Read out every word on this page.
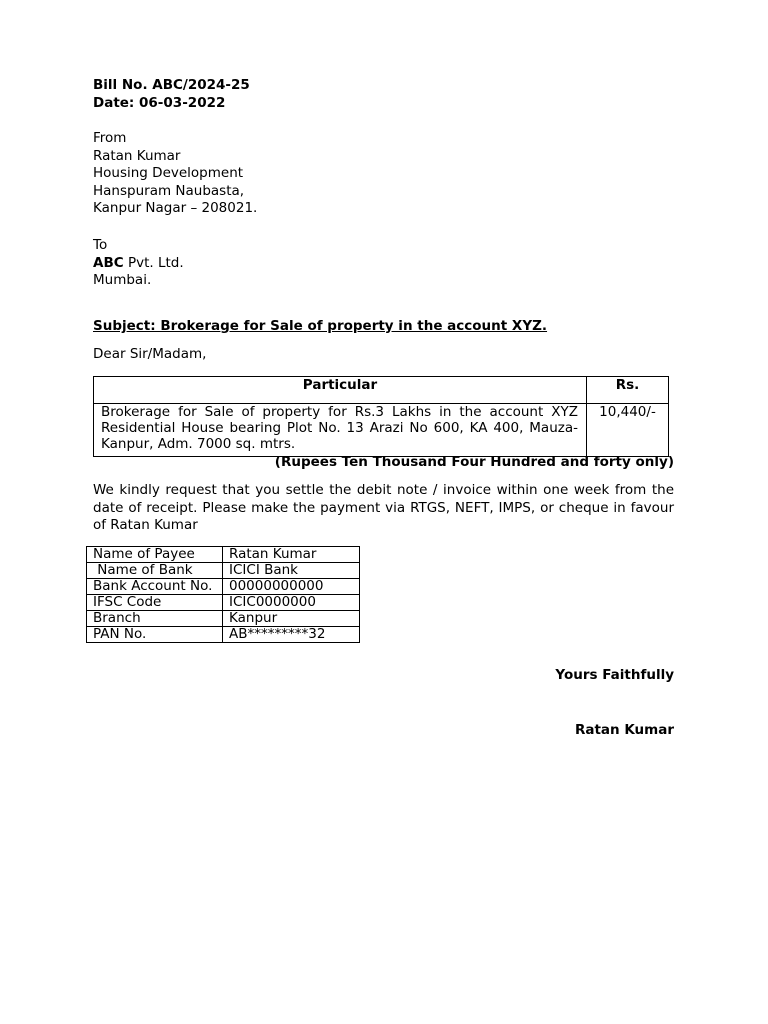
Bill No. ABC/2024-25
Date: 06-03-2022
From
Ratan Kumar
Housing Development
Hanspuram Naubasta,
Kanpur Nagar – 208021.
To
ABC Pvt. Ltd.
Mumbai.
Subject: Brokerage for Sale of property in the account XYZ.
Dear Sir/Madam,
Particular	Rs.
Brokerage for Sale of property for Rs.3 Lakhs in the account XYZ Residential House bearing Plot No. 13 Arazi No 600, KA 400, Mauza- Kanpur, Adm. 7000 sq. mtrs.	10,440/-
(Rupees Ten Thousand Four Hundred and forty only)
We kindly request that you settle the debit note / invoice within one week from the date of receipt. Please make the payment via RTGS, NEFT, IMPS, or cheque in favour of Ratan Kumar
Name of Payee	Ratan Kumar
Name of Bank	ICICI Bank
Bank Account No.	00000000000
IFSC Code	ICIC0000000
Branch	Kanpur
PAN No.	AB*********32
Yours Faithfully
Ratan Kumar
